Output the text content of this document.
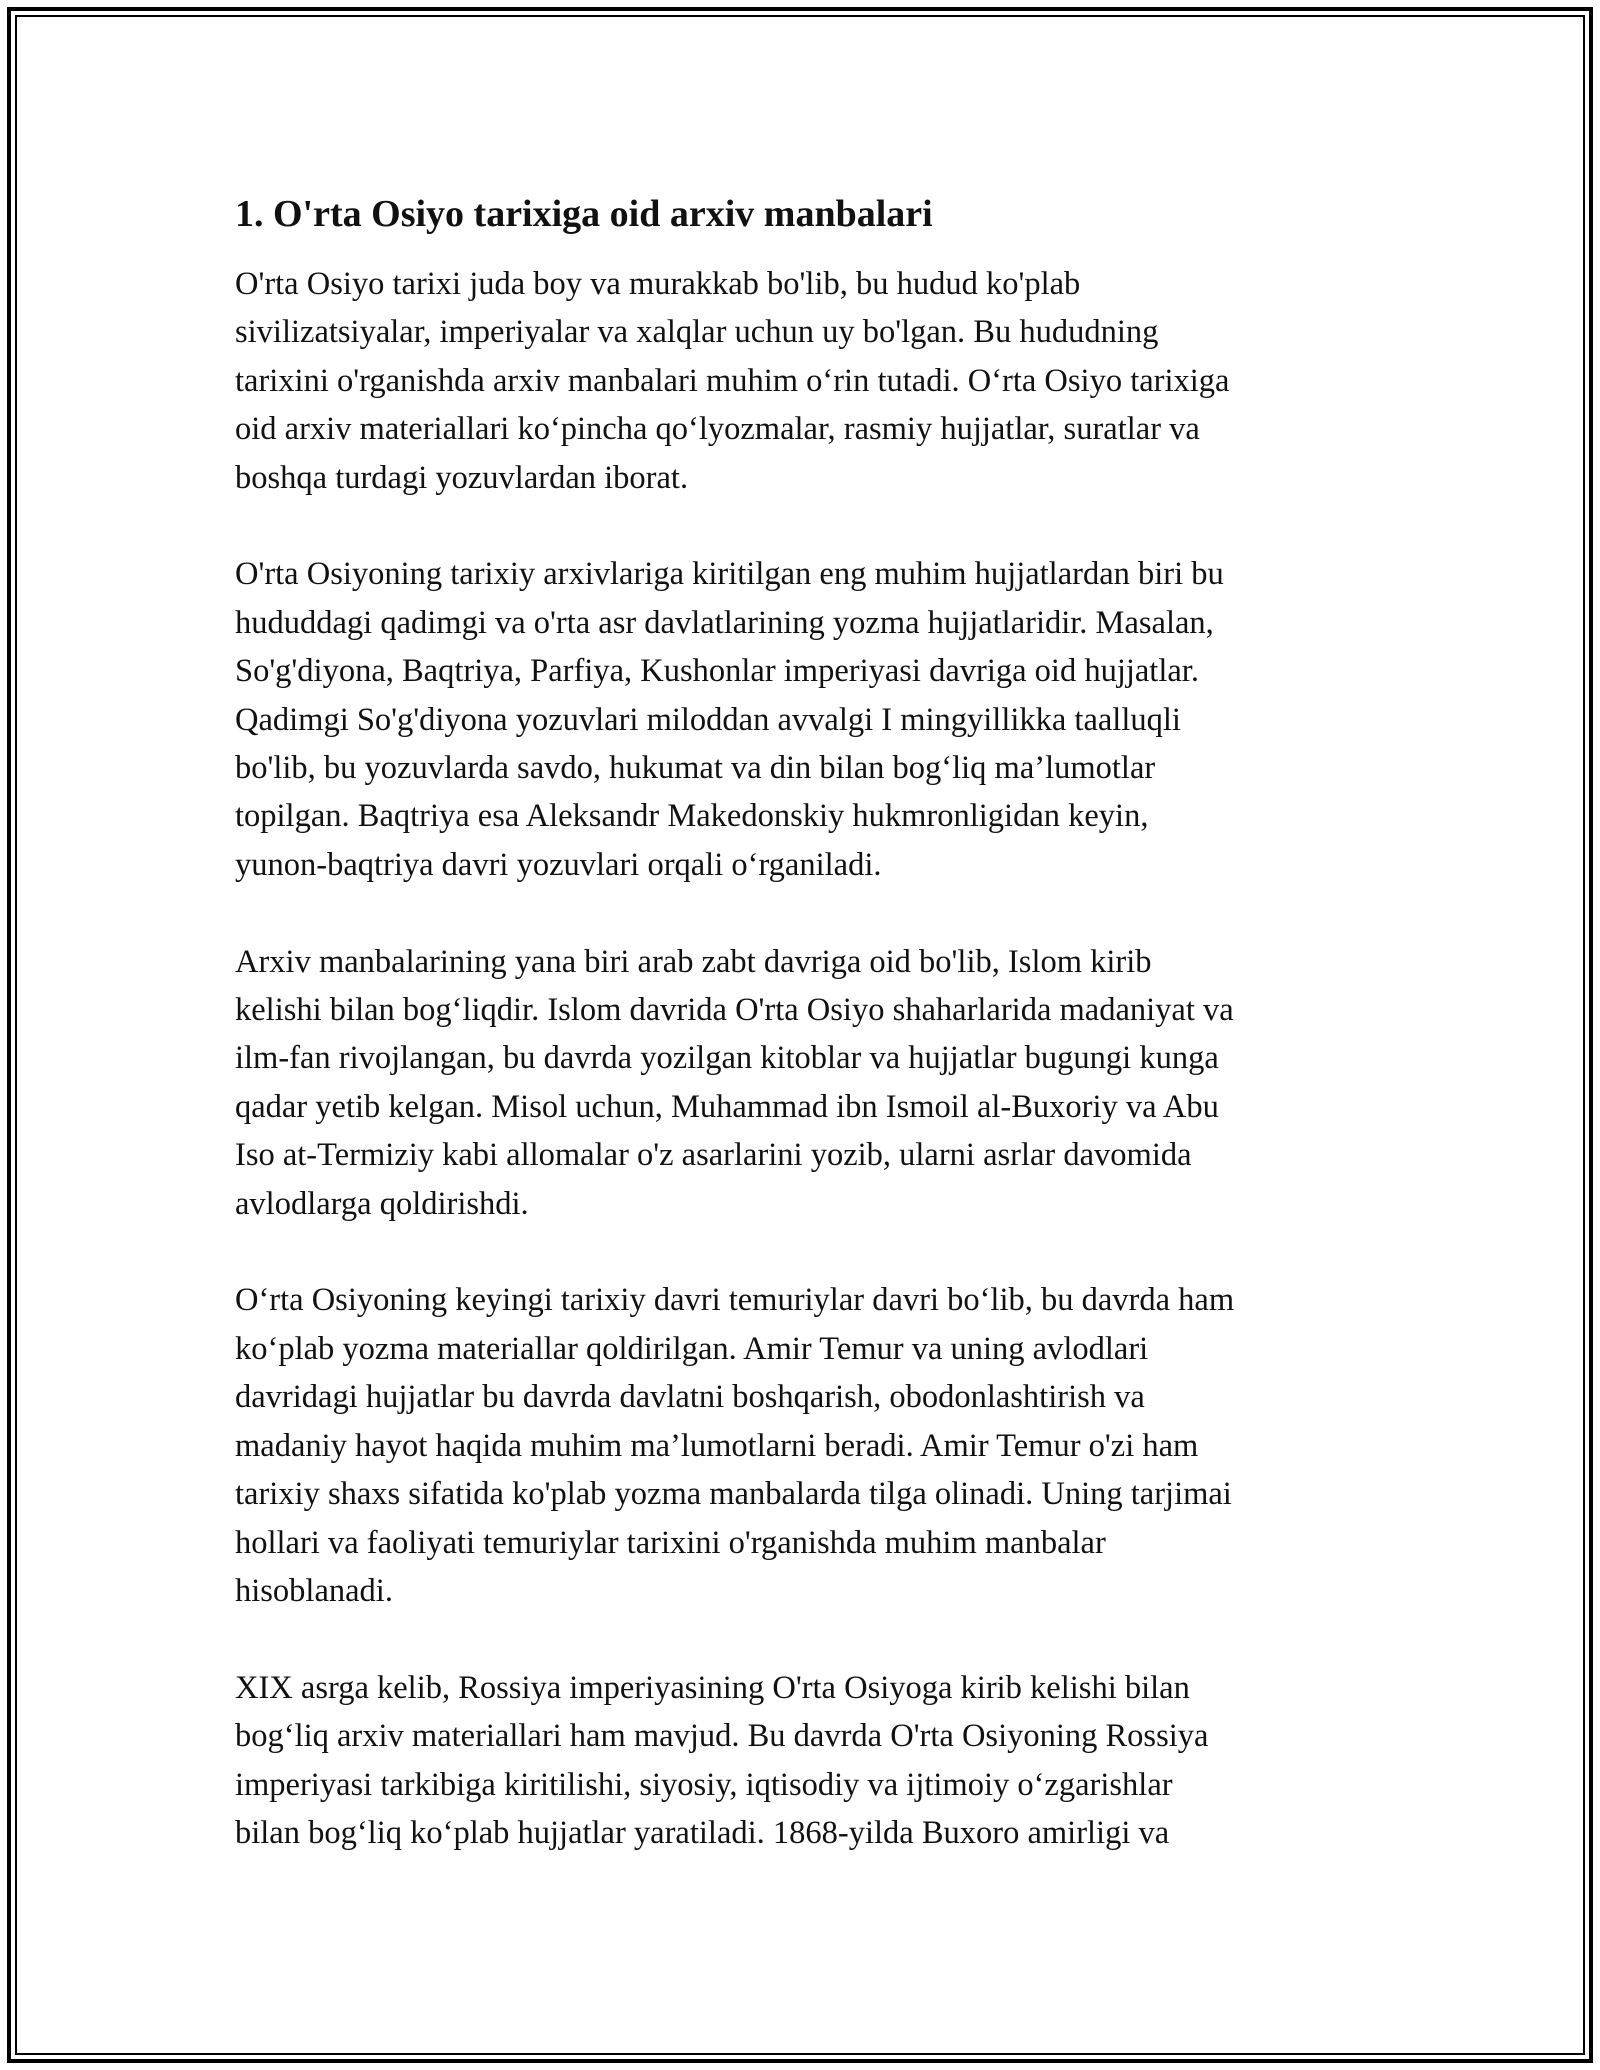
1. O'rta Osiyo tarixiga oid arxiv manbalari

O'rta Osiyo tarixi juda boy va murakkab bo'lib, bu hudud ko'plab
sivilizatsiyalar, imperiyalar va xalqlar uchun uy bo'lgan. Bu hududning
tarixini o'rganishda arxiv manbalari muhim o‘rin tutadi. O‘rta Osiyo tarixiga
oid arxiv materiallari ko‘pincha qo‘lyozmalar, rasmiy hujjatlar, suratlar va
boshqa turdagi yozuvlardan iborat.

O'rta Osiyoning tarixiy arxivlariga kiritilgan eng muhim hujjatlardan biri bu
hududdagi qadimgi va o'rta asr davlatlarining yozma hujjatlaridir. Masalan,
So'g'diyona, Baqtriya, Parfiya, Kushonlar imperiyasi davriga oid hujjatlar.
Qadimgi So'g'diyona yozuvlari miloddan avvalgi I mingyillikka taalluqli
bo'lib, bu yozuvlarda savdo, hukumat va din bilan bog‘liq ma’lumotlar
topilgan. Baqtriya esa Aleksandr Makedonskiy hukmronligidan keyin,
yunon-baqtriya davri yozuvlari orqali o‘rganiladi.

Arxiv manbalarining yana biri arab zabt davriga oid bo'lib, Islom kirib
kelishi bilan bog‘liqdir. Islom davrida O'rta Osiyo shaharlarida madaniyat va
ilm-fan rivojlangan, bu davrda yozilgan kitoblar va hujjatlar bugungi kunga
qadar yetib kelgan. Misol uchun, Muhammad ibn Ismoil al-Buxoriy va Abu
Iso at-Termiziy kabi allomalar o'z asarlarini yozib, ularni asrlar davomida
avlodlarga qoldirishdi.

O‘rta Osiyoning keyingi tarixiy davri temuriylar davri bo‘lib, bu davrda ham
ko‘plab yozma materiallar qoldirilgan. Amir Temur va uning avlodlari
davridagi hujjatlar bu davrda davlatni boshqarish, obodonlashtirish va
madaniy hayot haqida muhim ma’lumotlarni beradi. Amir Temur o'zi ham
tarixiy shaxs sifatida ko'plab yozma manbalarda tilga olinadi. Uning tarjimai
hollari va faoliyati temuriylar tarixini o'rganishda muhim manbalar
hisoblanadi.

XIX asrga kelib, Rossiya imperiyasining O'rta Osiyoga kirib kelishi bilan
bog‘liq arxiv materiallari ham mavjud. Bu davrda O'rta Osiyoning Rossiya
imperiyasi tarkibiga kiritilishi, siyosiy, iqtisodiy va ijtimoiy o‘zgarishlar
bilan bog‘liq ko‘plab hujjatlar yaratiladi. 1868-yilda Buxoro amirligi va
